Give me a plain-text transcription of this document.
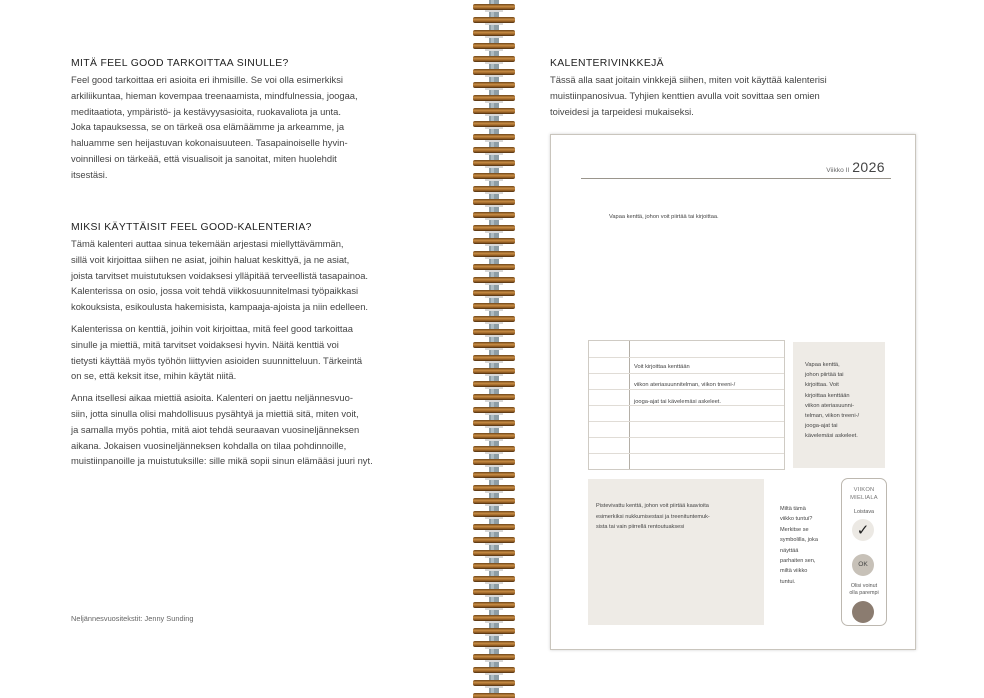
MITÄ FEEL GOOD TARKOITTAA SINULLE?

Feel good tarkoittaa eri asioita eri ihmisille. Se voi olla esimerkiksi
arkiliikuntaa, hieman kovempaa treenaamista, mindfulnessia, joogaa,
meditaatiota, ympäristö- ja kestävyysasioita, ruokavaliota ja unta.
Joka tapauksessa, se on tärkeä osa elämäämme ja arkeamme, ja
haluamme sen heijastuvan kokonaisuuteen. Tasapainoiselle hyvin-
voinnillesi on tärkeää, että visualisoit ja sanoitat, miten huolehdit
itsestäsi.

MIKSI KÄYTTÄISIT FEEL GOOD-KALENTERIA?

Tämä kalenteri auttaa sinua tekemään arjestasi miellyttävämmän,
sillä voit kirjoittaa siihen ne asiat, joihin haluat keskittyä, ja ne asiat,
joista tarvitset muistutuksen voidaksesi ylläpitää terveellistä tasapainoa.
Kalenterissa on osio, jossa voit tehdä viikkosuunnitelmasi työpaikkasi
kokouksista, esikoulusta hakemisista, kampaaja-ajoista ja niin edelleen.

Kalenterissa on kenttiä, joihin voit kirjoittaa, mitä feel good tarkoittaa
sinulle ja miettiä, mitä tarvitset voidaksesi hyvin. Näitä kenttiä voi
tietysti käyttää myös työhön liittyvien asioiden suunnitteluun. Tärkeintä
on se, että keksit itse, mihin käytät niitä.

Anna itsellesi aikaa miettiä asioita. Kalenteri on jaettu neljännesvuo-
siin, jotta sinulla olisi mahdollisuus pysähtyä ja miettiä sitä, miten voit,
ja samalla myös pohtia, mitä aiot tehdä seuraavan vuosineljänneksen
aikana. Jokaisen vuosineljänneksen kohdalla on tilaa pohdinnoille,
muistiinpanoille ja muistutuksille: sille mikä sopii sinun elämääsi juuri nyt.

Neljännesvuositekstit: Jenny Sunding
KALENTERIVINKKEJÄ

Tässä alla saat joitain vinkkejä siihen, miten voit käyttää kalenterisi
muistiinpanosivua. Tyhjien kenttien avulla voit sovittaa sen omien
toiveidesi ja tarpeidesi mukaiseksi.

Viikko II 2026
Vapaa kenttä, johon voit piirtää tai kirjoittaa.
Voit kirjoittaa kenttään
viikon ateriasuunnitelman, viikon treeni-/
jooga-ajat tai kävelemäsi askeleet.
Vapaa kenttä,
johon piirtää tai
kirjoittaa. Voit
kirjoittaa kenttään
viikon ateriasuunni-
telman, viikon treeni-/
jooga-ajat tai
kävelemäsi askeleet.
Pistevivattu kenttä, johon voit piirtää kaavioita
esimerkiksi nukkumisestasi ja treenituntemuk-
sista tai vain piirrellä rentoutuaksesi
Miltä tämä
viikko tuntui?
Merkitse se
symbolilla, joka
näyttää
parhaiten sen,
miltä viikko
tuntui.
VIIKON
MIELIALA
Loistava
✓
OK
Olisi voinut
olla parempi
